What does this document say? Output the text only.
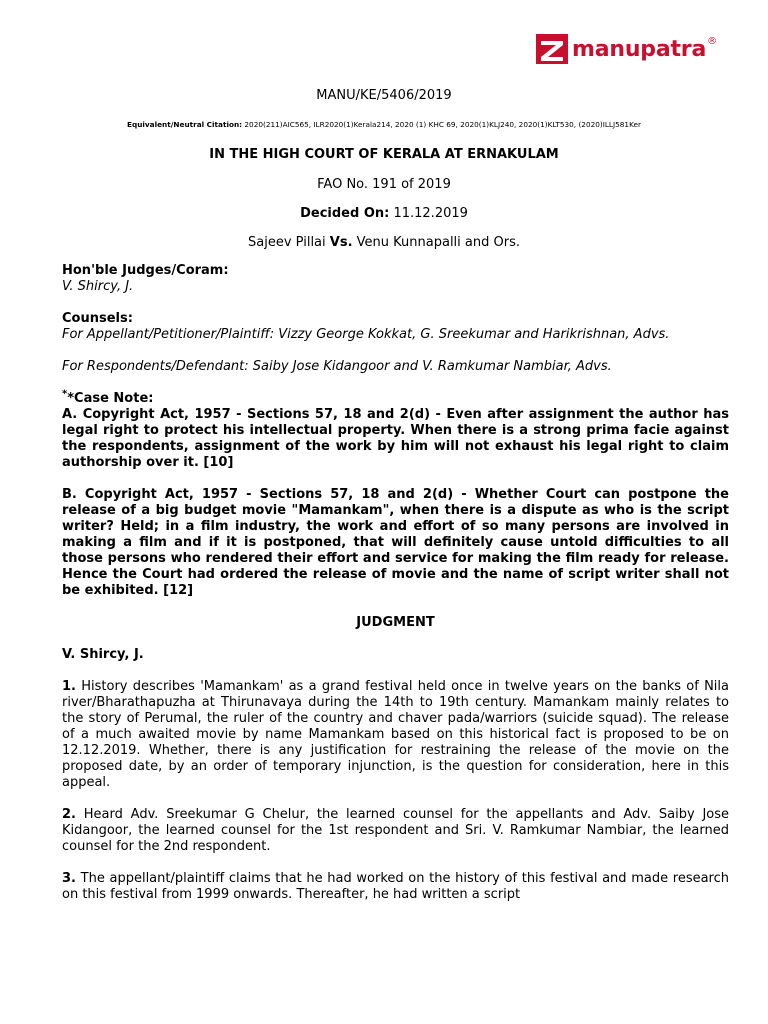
manupatra ®
MANU/KE/5406/2019
Equivalent/Neutral Citation: 2020(211)AIC565, ILR2020(1)Kerala214, 2020 (1) KHC 69, 2020(1)KLJ240, 2020(1)KLT530, (2020)ILLJ581Ker
IN THE HIGH COURT OF KERALA AT ERNAKULAM
FAO No. 191 of 2019
Decided On: 11.12.2019
Sajeev Pillai Vs. Venu Kunnapalli and Ors.

Hon'ble Judges/Coram:

V. Shircy, J.

Counsels:

For Appellant/Petitioner/Plaintiff: Vizzy George Kokkat, G. Sreekumar and Harikrishnan, Advs.

For Respondents/Defendant: Saiby Jose Kidangoor and V. Ramkumar Nambiar, Advs.

**Case Note:

A. Copyright Act, 1957 - Sections 57, 18 and 2(d) - Even after assignment the author has legal right to protect his intellectual property. When there is a strong prima facie against the respondents, assignment of the work by him will not exhaust his legal right to claim authorship over it. [10]

B. Copyright Act, 1957 - Sections 57, 18 and 2(d) - Whether Court can postpone the release of a big budget movie "Mamankam", when there is a dispute as who is the script writer? Held; in a film industry, the work and effort of so many persons are involved in making a film and if it is postponed, that will definitely cause untold difficulties to all those persons who rendered their effort and service for making the film ready for release. Hence the Court had ordered the release of movie and the name of script writer shall not be exhibited. [12]

JUDGMENT

V. Shircy, J.

1. History describes 'Mamankam' as a grand festival held once in twelve years on the banks of Nila river/Bharathapuzha at Thirunavaya during the 14th to 19th century. Mamankam mainly relates to the story of Perumal, the ruler of the country and chaver pada/warriors (suicide squad). The release of a much awaited movie by name Mamankam based on this historical fact is proposed to be on 12.12.2019. Whether, there is any justification for restraining the release of the movie on the proposed date, by an order of temporary injunction, is the question for consideration, here in this appeal.

2. Heard Adv. Sreekumar G Chelur, the learned counsel for the appellants and Adv. Saiby Jose Kidangoor, the learned counsel for the 1st respondent and Sri. V. Ramkumar Nambiar, the learned counsel for the 2nd respondent.

3. The appellant/plaintiff claims that he had worked on the history of this festival and made research on this festival from 1999 onwards. Thereafter, he had written a script
